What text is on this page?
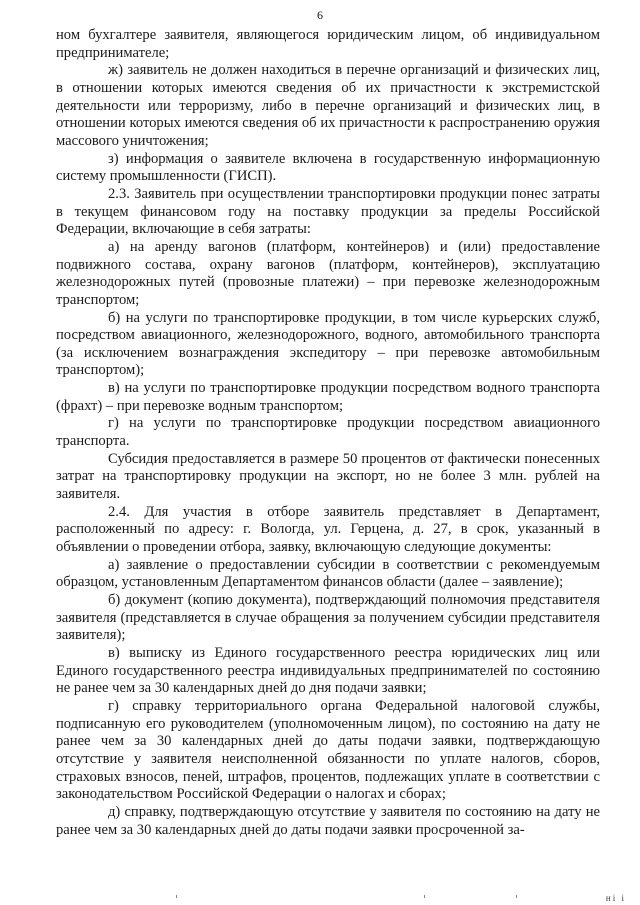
6

ном бухгалтере заявителя, являющегося юридическим лицом, об индивидуальном предпринимателе;

ж) заявитель не должен находиться в перечне организаций и физических лиц, в отношении которых имеются сведения об их причастности к экстремистской деятельности или терроризму, либо в перечне организаций и физических лиц, в отношении которых имеются сведения об их причастности к распространению оружия массового уничтожения;

з) информация о заявителе включена в государственную информационную систему промышленности (ГИСП).

2.3. Заявитель при осуществлении транспортировки продукции понес затраты в текущем финансовом году на поставку продукции за пределы Российской Федерации, включающие в себя затраты:

а) на аренду вагонов (платформ, контейнеров) и (или) предоставление подвижного состава, охрану вагонов (платформ, контейнеров), эксплуатацию железнодорожных путей (провозные платежи) – при перевозке железнодорожным транспортом;

б) на услуги по транспортировке продукции, в том числе курьерских служб, посредством авиационного, железнодорожного, водного, автомобильного транспорта (за исключением вознаграждения экспедитору – при перевозке автомобильным транспортом);

в) на услуги по транспортировке продукции посредством водного транспорта (фрахт) – при перевозке водным транспортом;

г) на услуги по транспортировке продукции посредством авиационного транспорта.

Субсидия предоставляется в размере 50 процентов от фактически понесенных затрат на транспортировку продукции на экспорт, но не более 3 млн. рублей на заявителя.

2.4. Для участия в отборе заявитель представляет в Департамент, расположенный по адресу: г. Вологда, ул. Герцена, д. 27, в срок, указанный в объявлении о проведении отбора, заявку, включающую следующие документы:

а) заявление о предоставлении субсидии в соответствии с рекомендуемым образцом, установленным Департаментом финансов области (далее – заявление);

б) документ (копию документа), подтверждающий полномочия представителя заявителя (представляется в случае обращения за получением субсидии представителя заявителя);

в) выписку из Единого государственного реестра юридических лиц или Единого государственного реестра индивидуальных предпринимателей по состоянию не ранее чем за 30 календарных дней до дня подачи заявки;

г) справку территориального органа Федеральной налоговой службы, подписанную его руководителем (уполномоченным лицом), по состоянию на дату не ранее чем за 30 календарных дней до даты подачи заявки, подтверждающую отсутствие у заявителя неисполненной обязанности по уплате налогов, сборов, страховых взносов, пеней, штрафов, процентов, подлежащих уплате в соответствии с законодательством Российской Федерации о налогах и сборах;

д) справку, подтверждающую отсутствие у заявителя по состоянию на дату не ранее чем за 30 календарных дней до даты подачи заявки просроченной за-

ні і
